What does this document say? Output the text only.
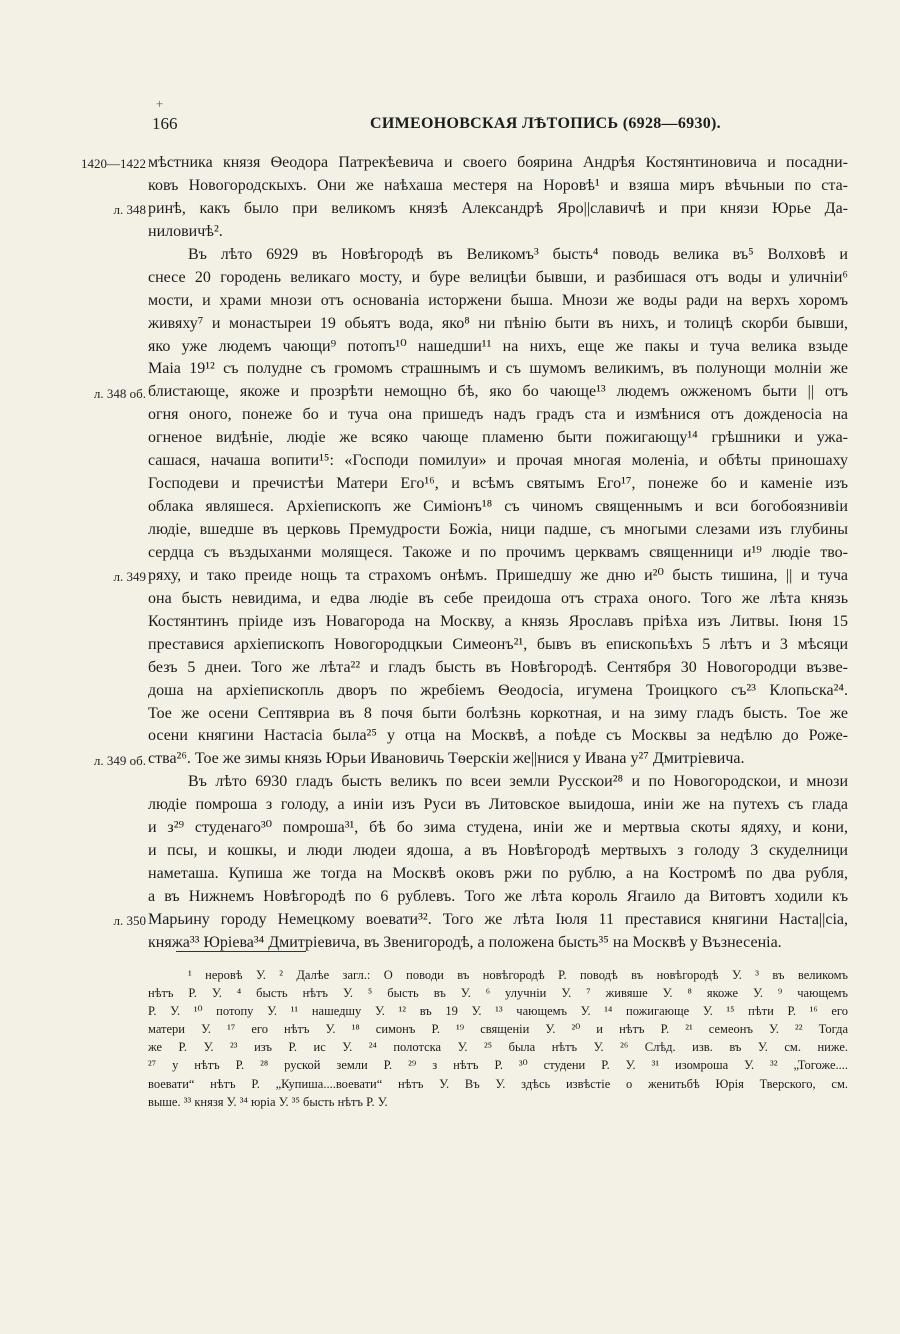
+
166	СИМЕОНОВСКАЯ ЛѢТОПИСЬ (6928—6930).
мѣстника князя Ѳеодора Патрекѣевича и своего боярина Андрѣя Костянтиновича и посадни-
ковъ Новогородскыхъ. Они же наѣхаша местеря на Норовѣ¹ и взяша миръ вѣчьныи по ста-
ринѣ, какъ было при великомъ князѣ Александрѣ Яро||славичѣ и при князи Юрье Да-
ниловичѣ².
Въ лѣто 6929 въ Новѣгородѣ въ Великомъ³ бысть⁴ поводь велика въ⁵ Волховѣ и
снесе 20 городень великаго мосту, и буре велицѣи бывши, и разбишася отъ воды и уличнiи⁶
мости, и храми мнози отъ основанiа исторжени быша. Мнози же воды ради на верхъ хоромъ
живяху⁷ и монастыреи 19 обьятъ вода, яко⁸ ни пѣнiю быти въ нихъ, и толицѣ скорби бывши,
яко уже людемъ чающи⁹ потопъ¹⁰ нашедши¹¹ на нихъ, еще же пакы и туча велика взыде
Маiа 19¹² съ полудне съ громомъ страшнымъ и съ шумомъ великимъ, въ полунощи молнiи же
блистающе, якоже и прозрѣти немощно бѣ, яко бо чающе¹³ людемъ ожженомъ быти || отъ
огня оного, понеже бо и туча она пришедъ надъ градъ ста и измѣнися отъ дожденосiа на
огненое видѣнiе, людiе же всяко чающе пламеню быти пожигающу¹⁴ грѣшники и ужа-
сашася, начаша вопити¹⁵: «Господи помилуи» и прочая многая моленiа, и обѣты приношаху
Господеви и пречистѣи Матери Его¹⁶, и всѣмъ святымъ Его¹⁷, понеже бо и каменiе изъ
облака являшеся. Архiепископъ же Симiонъ¹⁸ съ чиномъ священнымъ и вси богобоязнивiи
людiе, вшедше въ церковь Премудрости Божiа, ници падше, съ многыми слезами изъ глубины
сердца съ въздыханми молящеся. Такоже и по прочимъ церквамъ священници и¹⁹ людiе тво-
ряху, и тако преиде нощь та страхомъ онѣмъ. Пришедшу же дню и²⁰ бысть тишина, || и туча
она бысть невидима, и едва людiе въ себе преидоша отъ страха оного. Того же лѣта князь
Костянтинъ прiиде изъ Новагорода на Москву, а князь Ярославъ прiѣха изъ Литвы. Iюня 15
преставися архiепископъ Новогородцкыи Симеонъ²¹, бывъ въ епископьѣхъ 5 лѣтъ и 3 мѣсяци
безъ 5 днеи. Того же лѣта²² и гладъ бысть въ Новѣгородѣ. Сентября 30 Новогородци възве-
доша на архiепископль дворъ по жребiемъ Ѳеодосiа, игумена Троицкого съ²³ Клопьска²⁴.
Тое же осени Септявриа въ 8 почя быти болѣзнь коркотная, и на зиму гладъ бысть. Тое же
осени княгини Настасiа была²⁵ у отца на Москвѣ, а поѣде съ Москвы за недѣлю до Роже-
ства²⁶. Тое же зимы князь Юрьи Ивановичь Тѳерскiи же||нися у Ивана у²⁷ Дмитрiевича.
Въ лѣто 6930 гладъ бысть великъ по всеи земли Русскои²⁸ и по Новогородскои, и мнози
людiе помроша з голоду, а инiи изъ Руси въ Литовское выидоша, инiи же на путехъ съ глада
и з²⁹ студенаго³⁰ помроша³¹, бѣ бо зима студена, инiи же и мертвыа скоты ядяху, и кони,
и псы, и кошкы, и люди людеи ядоша, а въ Новѣгородѣ мертвыхъ з голоду 3 скуделници
наметаша. Купиша же тогда на Москвѣ оковъ ржи по рублю, а на Костромѣ по два рубля,
а въ Нижнемъ Новѣгородѣ по 6 рублевъ. Того же лѣта король Ягаило да Витовтъ ходили къ
Марьину городу Немецкому воевати³². Того же лѣта Iюля 11 преставися княгини Наста||сiа,
княжа³³ Юрiева³⁴ Дмитрiевича, въ Звенигородѣ, а положена бысть³⁵ на Москвѣ у Възнесенiа.
1420—1422
л. 348
л. 348 об.
л. 349
л. 349 об.
л. 350
¹ неровѣ У. ² Далѣе загл.: О поводи въ новѣгородѣ Р. поводѣ въ новѣгородѣ У. ³ въ великомъ
нѣтъ Р. У. ⁴ бысть нѣтъ У. ⁵ бысть въ У. ⁶ улучнiи У. ⁷ живяше У. ⁸ якоже У. ⁹ чающемъ
Р. У. ¹⁰ потопу У. ¹¹ нашедшу У. ¹² въ 19 У. ¹³ чающемъ У. ¹⁴ пожигающе У. ¹⁵ пѣти Р. ¹⁶ его
матери У. ¹⁷ его нѣтъ У. ¹⁸ симонъ Р. ¹⁹ священiи У. ²⁰ и нѣтъ Р. ²¹ семеонъ У. ²² Тогда
же Р. У. ²³ изъ Р. ис У. ²⁴ полотска У. ²⁵ была нѣтъ У. ²⁶ Слѣд. изв. въ У. см. ниже.
²⁷ у нѣтъ Р. ²⁸ руской земли Р. ²⁹ з нѣтъ Р. ³⁰ студени Р. У. ³¹ изомроша У. ³² „Тогоже....
воевати“ нѣтъ Р. „Купиша....воевати“ нѣтъ У. Въ У. здѣсь извѣстiе о женитьбѣ Юрiя Тверского, см.
выше. ³³ князя У. ³⁴ юрiа У. ³⁵ бысть нѣтъ Р. У.
